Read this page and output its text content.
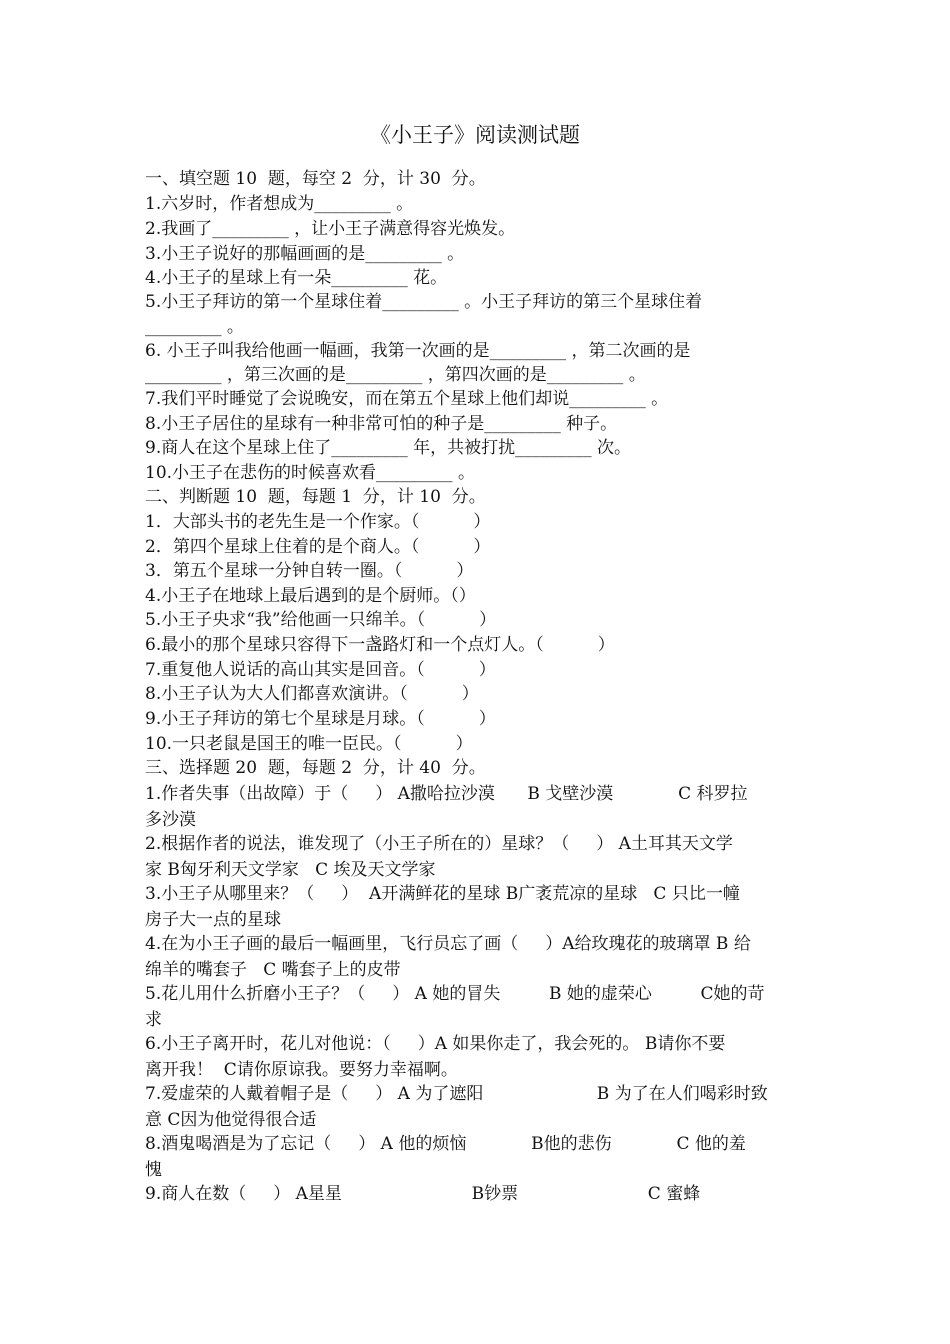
《小王子》阅读测试题
一、填空题 10  题，每空 2  分，计 30  分。
1.六岁时，作者想成为_________ 。
2.我画了_________ ，让小王子满意得容光焕发。
3.小王子说好的那幅画画的是_________ 。
4.小王子的星球上有一朵_________ 花。
5.小王子拜访的第一个星球住着_________ 。小王子拜访的第三个星球住着
_________ 。
6. 小王子叫我给他画一幅画，我第一次画的是_________ ，第二次画的是
_________ ，第三次画的是_________ ，第四次画的是_________ 。
7.我们平时睡觉了会说晚安，而在第五个星球上他们却说_________ 。
8.小王子居住的星球有一种非常可怕的种子是_________ 种子。
9.商人在这个星球上住了_________ 年，共被打扰_________ 次。
10.小王子在悲伤的时候喜欢看_________ 。
二、判断题 10  题，每题 1  分，计 10  分。
1．大部头书的老先生是一个作家。（          ）
2．第四个星球上住着的是个商人。（          ）
3．第五个星球一分钟自转一圈。（          ）
4.小王子在地球上最后遇到的是个厨师。（）
5.小王子央求“我”给他画一只绵羊。（          ）
6.最小的那个星球只容得下一盏路灯和一个点灯人。（          ）
7.重复他人说话的高山其实是回音。（          ）
8.小王子认为大人们都喜欢演讲。（          ）
9.小王子拜访的第七个星球是月球。（          ）
10.一只老鼠是国王的唯一臣民。（          ）
三、选择题 20  题，每题 2  分，计 40  分。
1.作者失事（出故障）于（     ） A撒哈拉沙漠      B 戈壁沙漠            C 科罗拉
多沙漠
2.根据作者的说法，谁发现了（小王子所在的）星球？（     ） A土耳其天文学
家 B匈牙利天文学家   C 埃及天文学家
3.小王子从哪里来？（     ）  A开满鲜花的星球 B广袤荒凉的星球   C 只比一幢
房子大一点的星球
4.在为小王子画的最后一幅画里，飞行员忘了画（     ）A给玫瑰花的玻璃罩 B 给
绵羊的嘴套子   C 嘴套子上的皮带
5.花儿用什么折磨小王子？（     ） A 她的冒失         B 她的虚荣心         C她的苛
求
6.小王子离开时，花儿对他说：（     ）A 如果你走了，我会死的。 B请你不要
离开我！  C请你原谅我。要努力幸福啊。
7.爱虚荣的人戴着帽子是（     ） A 为了遮阳                     B 为了在人们喝彩时致
意 C因为他觉得很合适
8.酒鬼喝酒是为了忘记（     ） A 他的烦恼            B他的悲伤            C 他的羞
愧
9.商人在数（     ） A星星                        B钞票                        C 蜜蜂
